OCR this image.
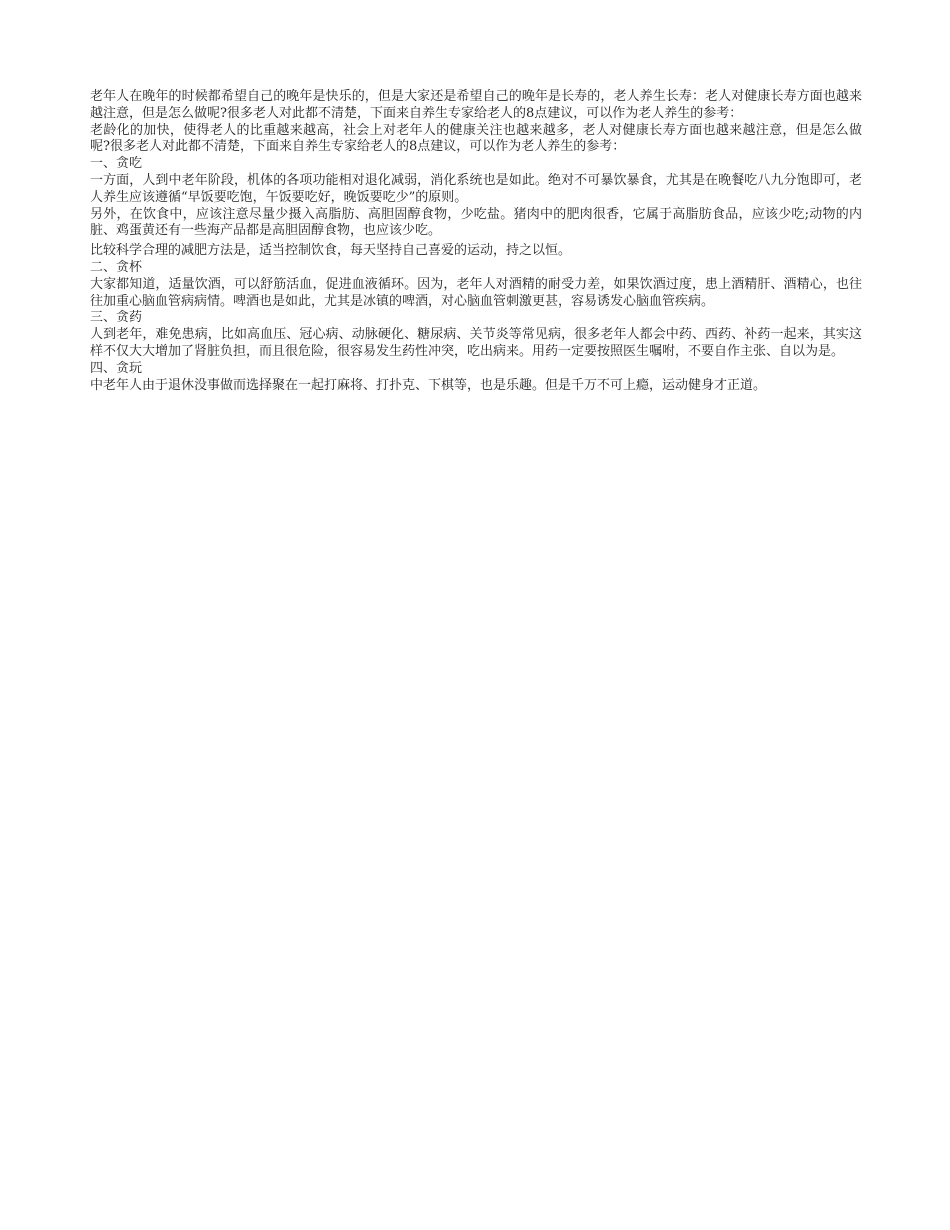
老年人在晚年的时候都希望自己的晚年是快乐的，但是大家还是希望自己的晚年是长寿的，老人养生长寿：老人对健康长寿方面也越来越注意，但是怎么做呢?很多老人对此都不清楚，下面来自养生专家给老人的8点建议，可以作为老人养生的参考：

老龄化的加快，使得老人的比重越来越高，社会上对老年人的健康关注也越来越多，老人对健康长寿方面也越来越注意，但是怎么做呢?很多老人对此都不清楚，下面来自养生专家给老人的8点建议，可以作为老人养生的参考：

一、贪吃

一方面，人到中老年阶段，机体的各项功能相对退化减弱，消化系统也是如此。绝对不可暴饮暴食，尤其是在晚餐吃八九分饱即可，老人养生应该遵循“早饭要吃饱，午饭要吃好，晚饭要吃少”的原则。

另外，在饮食中，应该注意尽量少摄入高脂肪、高胆固醇食物，少吃盐。猪肉中的肥肉很香，它属于高脂肪食品，应该少吃;动物的内脏、鸡蛋黄还有一些海产品都是高胆固醇食物，也应该少吃。

比较科学合理的减肥方法是，适当控制饮食，每天坚持自己喜爱的运动，持之以恒。

二、贪杯

大家都知道，适量饮酒，可以舒筋活血，促进血液循环。因为，老年人对酒精的耐受力差，如果饮酒过度，患上酒精肝、酒精心，也往往加重心脑血管病病情。啤酒也是如此，尤其是冰镇的啤酒，对心脑血管刺激更甚，容易诱发心脑血管疾病。

三、贪药

人到老年，难免患病，比如高血压、冠心病、动脉硬化、糖尿病、关节炎等常见病，很多老年人都会中药、西药、补药一起来，其实这样不仅大大增加了肾脏负担，而且很危险，很容易发生药性冲突，吃出病来。用药一定要按照医生嘱咐，不要自作主张、自以为是。

四、贪玩

中老年人由于退休没事做而选择聚在一起打麻将、打扑克、下棋等，也是乐趣。但是千万不可上瘾，运动健身才正道。
